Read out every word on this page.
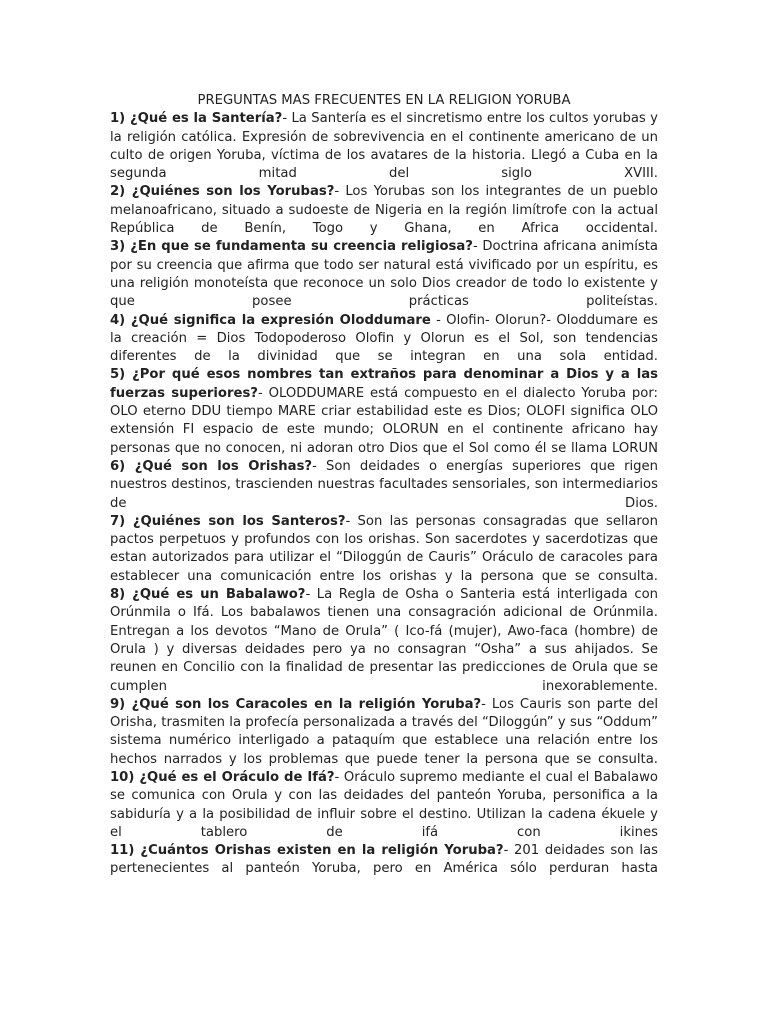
PREGUNTAS MAS FRECUENTES EN LA RELIGION YORUBA

1) ¿Qué es la Santería?- La Santería es el sincretismo entre los cultos yorubas y la religión católica. Expresión de sobrevivencia en el continente americano de un culto de origen Yoruba, víctima de los avatares de la historia. Llegó a Cuba en la segunda mitad del siglo XVIII.

2) ¿Quiénes son los Yorubas?- Los Yorubas son los integrantes de un pueblo melanoafricano, situado a sudoeste de Nigeria en la región limítrofe con la actual República de Benín, Togo y Ghana, en Africa occidental.

3) ¿En que se fundamenta su creencia religiosa?- Doctrina africana animísta por su creencia que afirma que todo ser natural está vivificado por un espíritu, es una religión monoteísta que reconoce un solo Dios creador de todo lo existente y que posee prácticas politeístas.

4) ¿Qué significa la expresión Oloddumare - Olofin- Olorun?- Oloddumare es la creación = Dios Todopoderoso Olofin y Olorun es el Sol, son tendencias diferentes de la divinidad que se integran en una sola entidad.

5) ¿Por qué esos nombres tan extraños para denominar a Dios y a las fuerzas superiores?- OLODDUMARE está compuesto en el dialecto Yoruba por: OLO eterno DDU tiempo MARE criar estabilidad este es Dios; OLOFI significa OLO extensión FI espacio de este mundo; OLORUN en el continente africano hay personas que no conocen, ni adoran otro Dios que el Sol como él se llama LORUN

6) ¿Qué son los Orishas?- Son deidades o energías superiores que rigen nuestros destinos, trascienden nuestras facultades sensoriales, son intermediarios de Dios.

7) ¿Quiénes son los Santeros?- Son las personas consagradas que sellaron pactos perpetuos y profundos con los orishas. Son sacerdotes y sacerdotizas que estan autorizados para utilizar el “Diloggún de Cauris” Oráculo de caracoles para establecer una comunicación entre los orishas y la persona que se consulta.

8) ¿Qué es un Babalawo?- La Regla de Osha o Santeria está interligada con Orúnmila o Ifá. Los babalawos tienen una consagración adicional de Orúnmila. Entregan a los devotos “Mano de Orula” ( Ico-fá (mujer), Awo-faca (hombre) de Orula ) y diversas deidades pero ya no consagran “Osha” a sus ahijados. Se reunen en Concilio con la finalidad de presentar las predicciones de Orula que se cumplen inexorablemente.

9) ¿Qué son los Caracoles en la religión Yoruba?- Los Cauris son parte del Orisha, trasmiten la profecía personalizada a través del “Diloggún” y sus “Oddum” sistema numérico interligado a pataquím que establece una relación entre los hechos narrados y los problemas que puede tener la persona que se consulta.

10) ¿Qué es el Oráculo de Ifá?- Oráculo supremo mediante el cual el Babalawo se comunica con Orula y con las deidades del panteón Yoruba, personifica a la sabiduría y a la posibilidad de influir sobre el destino. Utilizan la cadena ékuele y el tablero de ifá con ikines

11) ¿Cuántos Orishas existen en la religión Yoruba?- 201 deidades son las pertenecientes al panteón Yoruba, pero en América sólo perduran hasta
